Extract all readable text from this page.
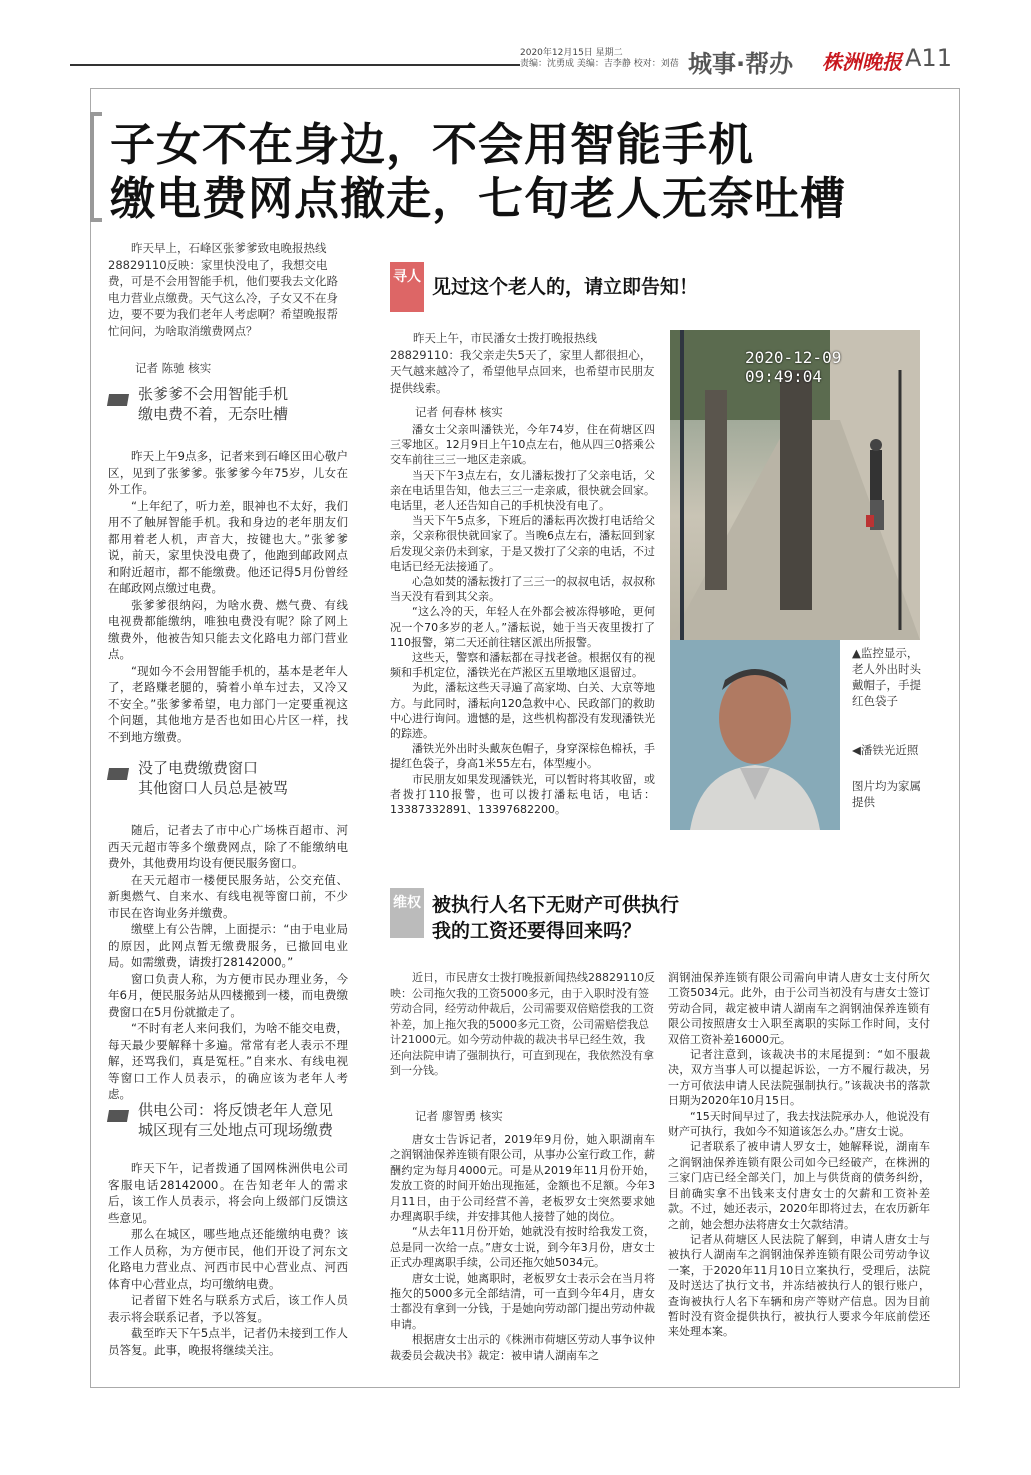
2020年12月15日 星期二
责编：沈勇成 美编：吉李静 校对：刘蓓 城事·帮办 株洲晚报 A11
子女不在身边，不会用智能手机
缴电费网点撤走，七旬老人无奈吐槽

昨天早上，石峰区张爹爹致电晚报热线28829110反映：家里快没电了，我想交电费，可是不会用智能手机，他们要我去文化路电力营业点缴费。天气这么冷，子女又不在身边，要不要为我们老年人考虑啊？希望晚报帮忙问问，为啥取消缴费网点？

记者 陈驰 核实
张爹爹不会用智能手机
缴电费不着，无奈吐槽

昨天上午9点多，记者来到石峰区田心敬户区，见到了张爹爹。张爹爹今年75岁，儿女在外工作。

“上年纪了，听力差，眼神也不太好，我们用不了触屏智能手机。我和身边的老年朋友们都用着老人机，声音大，按键也大。”张爹爹说，前天，家里快没电费了，他跑到邮政网点和附近超市，都不能缴费。他还记得5月份曾经在邮政网点缴过电费。

张爹爹很纳闷，为啥水费、燃气费、有线电视费都能缴纳，唯独电费没有呢？除了网上缴费外，他被告知只能去文化路电力部门营业点。

“现如今不会用智能手机的，基本是老年人了，老路赚老腿的，骑着小单车过去，又冷又不安全。”张爹爹希望，电力部门一定要重视这个问题，其他地方是否也如田心片区一样，找不到地方缴费。

没了电费缴费窗口
其他窗口人员总是被骂

随后，记者去了市中心广场株百超市、河西天元超市等多个缴费网点，除了不能缴纳电费外，其他费用均设有便民服务窗口。

在天元超市一楼便民服务站，公交充值、新奥燃气、自来水、有线电视等窗口前，不少市民在咨询业务并缴费。

缴壁上有公告牌，上面提示：“由于电业局的原因，此网点暂无缴费服务，已撤回电业局。如需缴费，请拨打28142000。”

窗口负责人称，为方便市民办理业务，今年6月，便民服务站从四楼搬到一楼，而电费缴费窗口在5月份就撤走了。

“不时有老人来问我们，为啥不能交电费，每天最少要解释十多遍。常常有老人表示不理解，还骂我们，真是冤枉。”自来水、有线电视等窗口工作人员表示，的确应该为老年人考虑。

供电公司：将反馈老年人意见
城区现有三处地点可现场缴费

昨天下午，记者拨通了国网株洲供电公司客服电话28142000。在告知老年人的需求后，该工作人员表示，将会向上级部门反馈这些意见。

那么在城区，哪些地点还能缴纳电费？该工作人员称，为方便市民，他们开设了河东文化路电力营业点、河西市民中心营业点、河西体育中心营业点，均可缴纳电费。

记者留下姓名与联系方式后，该工作人员表示将会联系记者，予以答复。

截至昨天下午5点半，记者仍未接到工作人员答复。此事，晚报将继续关注。

寻人 见过这个老人的，请立即告知！

昨天上午，市民潘女士拨打晚报热线28829110：我父亲走失5天了，家里人都很担心，天气越来越冷了，希望他早点回来，也希望市民朋友提供线索。

记者 何春林 核实

潘女士父亲叫潘铁光，今年74岁，住在荷塘区四三零地区。12月9日上午10点左右，他从四三0搭乘公交车前往三三一地区走亲戚。

当天下午3点左右，女儿潘耘拨打了父亲电话，父亲在电话里告知，他去三三一走亲戚，很快就会回家。电话里，老人还告知自己的手机快没有电了。

当天下午5点多，下班后的潘耘再次拨打电话给父亲，父亲称很快就回家了。当晚6点左右，潘耘回到家后发现父亲仍未到家，于是又拨打了父亲的电话，不过电话已经无法接通了。

心急如焚的潘耘拨打了三三一的叔叔电话，叔叔称当天没有看到其父亲。

“这么冷的天，年轻人在外都会被冻得够呛，更何况一个70多岁的老人。”潘耘说，她于当天夜里拨打了110报警，第二天还前往辖区派出所报警。

这些天，警察和潘耘都在寻找老爸。根据仅有的视频和手机定位，潘铁光在芦淞区五里墩地区退留过。

为此，潘耘这些天寻遍了高家坳、白关、大京等地方。与此同时，潘耘向120急救中心、民政部门的救助中心进行询问。遗憾的是，这些机构都没有发现潘铁光的踪迹。

潘铁光外出时头戴灰色帽子，身穿深棕色棉袄，手提红色袋子，身高1米55左右，体型瘦小。

市民朋友如果发现潘铁光，可以暂时将其收留，或者拨打110报警，也可以拨打潘耘电话，电话：13387332891、13397682200。

2020-12-09 09:49:04
▲监控显示，老人外出时头戴帽子，手提红色袋子
◀潘铁光近照
图片均为家属提供
维权 被执行人名下无财产可供执行
我的工资还要得回来吗？

近日，市民唐女士拨打晚报新闻热线28829110反映：公司拖欠我的工资5000多元，由于入职时没有签劳动合同，经劳动仲裁后，公司需要双倍赔偿我的工资补差，加上拖欠我的5000多元工资，公司需赔偿我总计21000元。如今劳动仲裁的裁决书早已经生效，我还向法院申请了强制执行，可直到现在，我依然没有拿到一分钱。

记者 廖智勇 核实

唐女士告诉记者，2019年9月份，她入职湖南车之润钢油保养连锁有限公司，从事办公室行政工作，薪酬约定为每月4000元。可是从2019年11月份开始，发放工资的时间开始出现拖延，金额也不足额。今年3月11日，由于公司经营不善，老板罗女士突然要求她办理离职手续，并安排其他人接替了她的岗位。

“从去年11月份开始，她就没有按时给我发工资，总是同一次给一点。”唐女士说，到今年3月份，唐女士正式办理离职手续，公司还拖欠她5034元。

唐女士说，她离职时，老板罗女士表示会在当月将拖欠的5000多元全部结清，可一直到今年4月，唐女士都没有拿到一分钱，于是她向劳动部门提出劳动仲裁申请。

根据唐女士出示的《株洲市荷塘区劳动人事争议仲裁委员会裁决书》裁定：被申请人湖南车之

润钢油保养连锁有限公司需向申请人唐女士支付所欠工资5034元。此外，由于公司当初没有与唐女士签订劳动合同，裁定被申请人湖南车之润钢油保养连锁有限公司按照唐女士入职至离职的实际工作时间，支付双倍工资补差16000元。

记者注意到，该裁决书的末尾提到：“如不服裁决，双方当事人可以提起诉讼，一方不履行裁决，另一方可依法申请人民法院强制执行。”该裁决书的落款日期为2020年10月15日。

“15天时间早过了，我去找法院承办人，他说没有财产可执行，我如今不知道该怎么办。”唐女士说。

记者联系了被申请人罗女士，她解释说，湖南车之润钢油保养连锁有限公司如今已经破产，在株洲的三家门店已经全部关门，加上与供货商的债务纠纷，目前确实拿不出钱来支付唐女士的欠薪和工资补差款。不过，她还表示，2020年即将过去，在农历新年之前，她会想办法将唐女士欠款结清。

记者从荷塘区人民法院了解到，申请人唐女士与被执行人湖南车之润钢油保养连锁有限公司劳动争议一案，于2020年11月10日立案执行，受理后，法院及时送达了执行文书，并冻结被执行人的银行账户，查询被执行人名下车辆和房产等财产信息。因为目前暂时没有资金提供执行，被执行人要求今年底前偿还来处理本案。
